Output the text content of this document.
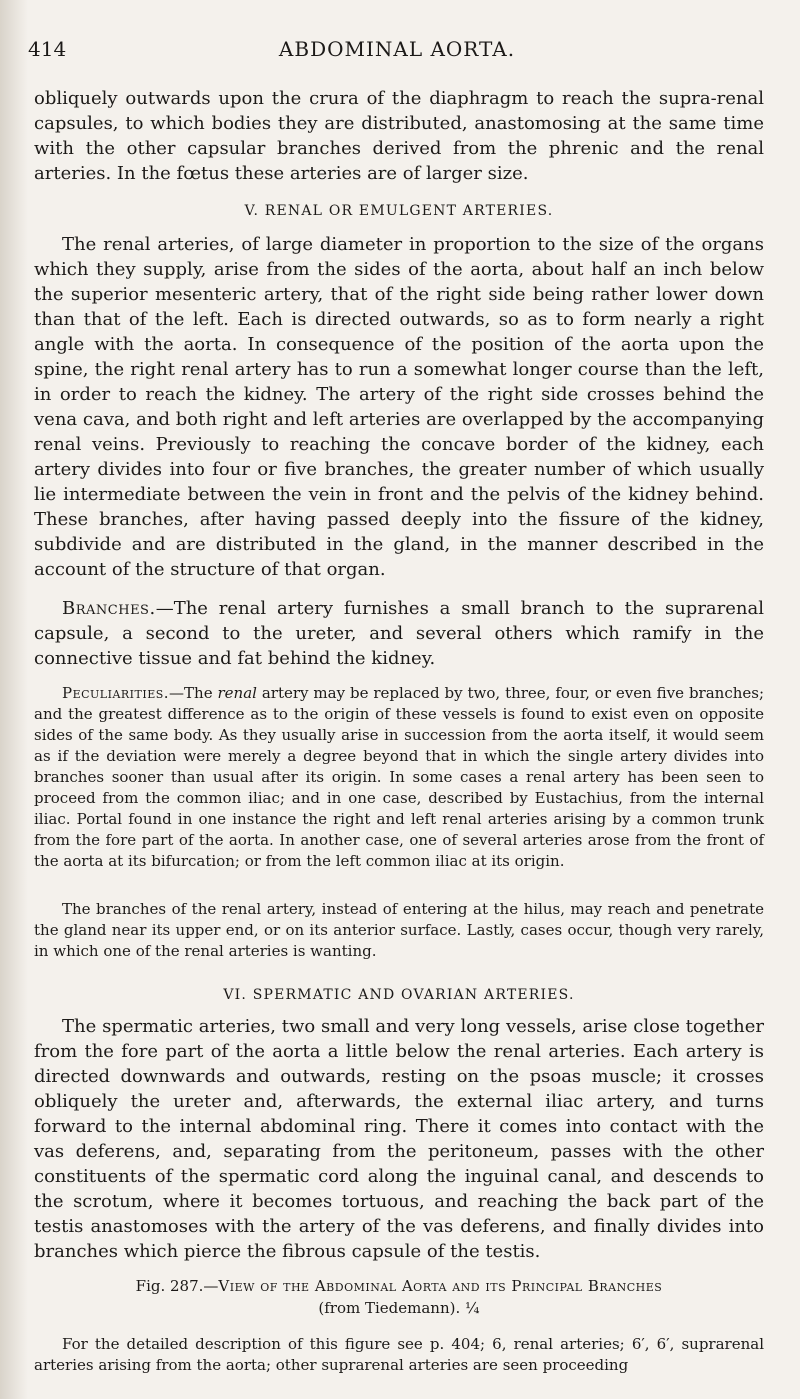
414	ABDOMINAL AORTA.

obliquely outwards upon the crura of the diaphragm to reach the supra-renal capsules, to which bodies they are distributed, anastomosing at the same time with the other capsular branches derived from the phrenic and the renal arteries. In the fœtus these arteries are of larger size.

V. RENAL OR EMULGENT ARTERIES.

The renal arteries, of large diameter in proportion to the size of the organs which they supply, arise from the sides of the aorta, about half an inch below the superior mesenteric artery, that of the right side being rather lower down than that of the left. Each is directed outwards, so as to form nearly a right angle with the aorta. In consequence of the position of the aorta upon the spine, the right renal artery has to run a somewhat longer course than the left, in order to reach the kidney. The artery of the right side crosses behind the vena cava, and both right and left arteries are overlapped by the accompanying renal veins. Previously to reaching the concave border of the kidney, each artery divides into four or five branches, the greater number of which usually lie intermediate between the vein in front and the pelvis of the kidney behind. These branches, after having passed deeply into the fissure of the kidney, subdivide and are distributed in the gland, in the manner described in the account of the structure of that organ.

Branches.—The renal artery furnishes a small branch to the suprarenal capsule, a second to the ureter, and several others which ramify in the connective tissue and fat behind the kidney.

Peculiarities.—The renal artery may be replaced by two, three, four, or even five branches; and the greatest difference as to the origin of these vessels is found to exist even on opposite sides of the same body. As they usually arise in succession from the aorta itself, it would seem as if the deviation were merely a degree beyond that in which the single artery divides into branches sooner than usual after its origin. In some cases a renal artery has been seen to proceed from the common iliac; and in one case, described by Eustachius, from the internal iliac. Portal found in one instance the right and left renal arteries arising by a common trunk from the fore part of the aorta. In another case, one of several arteries arose from the front of the aorta at its bifurcation; or from the left common iliac at its origin.

The branches of the renal artery, instead of entering at the hilus, may reach and penetrate the gland near its upper end, or on its anterior surface. Lastly, cases occur, though very rarely, in which one of the renal arteries is wanting.

VI. SPERMATIC AND OVARIAN ARTERIES.

The spermatic arteries, two small and very long vessels, arise close together from the fore part of the aorta a little below the renal arteries. Each artery is directed downwards and outwards, resting on the psoas muscle; it crosses obliquely the ureter and, afterwards, the external iliac artery, and turns forward to the internal abdominal ring. There it comes into contact with the vas deferens, and, separating from the peritoneum, passes with the other constituents of the spermatic cord along the inguinal canal, and descends to the scrotum, where it becomes tortuous, and reaching the back part of the testis anastomoses with the artery of the vas deferens, and finally divides into branches which pierce the fibrous capsule of the testis.

Fig. 287.—View of the Abdominal Aorta and its Principal Branches
(from Tiedemann). ¼

For the detailed description of this figure see p. 404; 6, renal arteries; 6′, 6′, suprarenal arteries arising from the aorta; other suprarenal arteries are seen proceeding
